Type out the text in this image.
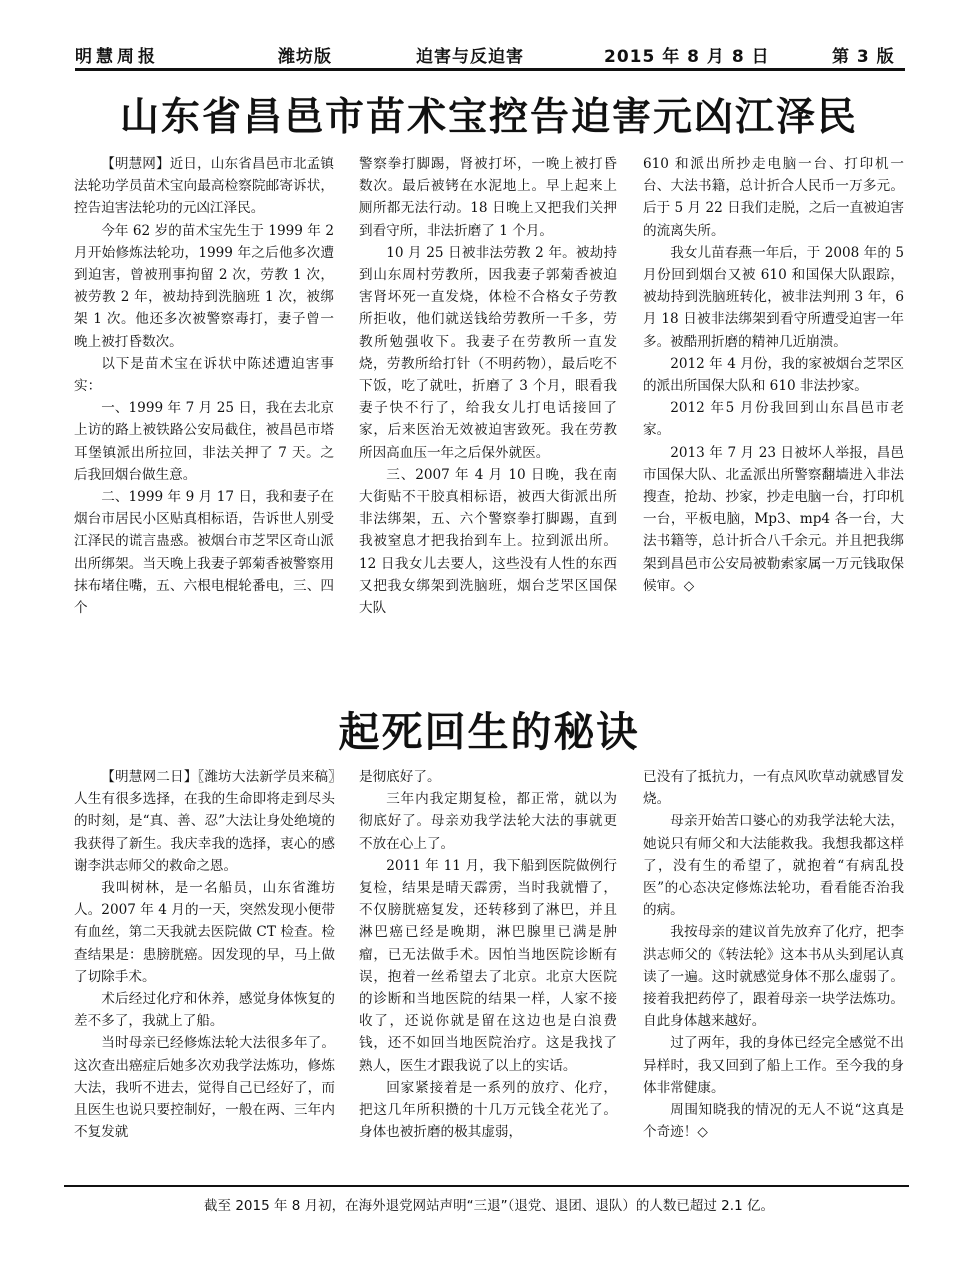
明慧周报	潍坊版	迫害与反迫害	2015 年 8 月 8 日	第 3 版
山东省昌邑市苗术宝控告迫害元凶江泽民

【明慧网】近日，山东省昌邑市北孟镇法轮功学员苗术宝向最高检察院邮寄诉状，控告迫害法轮功的元凶江泽民。

今年 62 岁的苗术宝先生于 1999 年 2 月开始修炼法轮功，1999 年之后他多次遭到迫害，曾被刑事拘留 2 次，劳教 1 次，被劳教 2 年，被劫持到洗脑班 1 次，被绑架 1 次。他还多次被警察毒打，妻子曾一晚上被打昏数次。

以下是苗术宝在诉状中陈述遭迫害事实：

一、1999 年 7 月 25 日，我在去北京上访的路上被铁路公安局截住，被昌邑市塔耳堡镇派出所拉回，非法关押了 7 天。之后我回烟台做生意。

二、1999 年 9 月 17 日，我和妻子在烟台市居民小区贴真相标语，告诉世人别受江泽民的谎言蛊惑。被烟台市芝罘区奇山派出所绑架。当天晚上我妻子郭菊香被警察用抹布堵住嘴，五、六根电棍轮番电，三、四个

警察拳打脚踢，肾被打坏，一晚上被打昏数次。最后被铐在水泥地上。早上起来上厕所都无法行动。18 日晚上又把我们关押到看守所，非法折磨了 1 个月。

10 月 25 日被非法劳教 2 年。被劫持到山东周村劳教所，因我妻子郭菊香被迫害肾坏死一直发烧，体检不合格女子劳教所拒收，他们就送钱给劳教所一千多，劳教所勉强收下。我妻子在劳教所一直发烧，劳教所给打针（不明药物），最后吃不下饭，吃了就吐，折磨了 3 个月，眼看我妻子快不行了，给我女儿打电话接回了家，后来医治无效被迫害致死。我在劳教所因高血压一年之后保外就医。

三、2007 年 4 月 10 日晚，我在南大街贴不干胶真相标语，被西大街派出所非法绑架，五、六个警察拳打脚踢，直到我被窒息才把我抬到车上。拉到派出所。12 日我女儿去要人，这些没有人性的东西又把我女绑架到洗脑班，烟台芝罘区国保大队

610 和派出所抄走电脑一台、打印机一台、大法书籍，总计折合人民币一万多元。后于 5 月 22 日我们走脱，之后一直被迫害的流离失所。

我女儿苗春燕一年后，于 2008 年的 5 月份回到烟台又被 610 和国保大队跟踪，被劫持到洗脑班转化，被非法判刑 3 年，6 月 18 日被非法绑架到看守所遭受迫害一年多。被酷刑折磨的精神几近崩溃。

2012 年 4 月份，我的家被烟台芝罘区的派出所国保大队和 610 非法抄家。

2012 年5 月份我回到山东昌邑市老家。

2013 年 7 月 23 日被坏人举报，昌邑市国保大队、北孟派出所警察翻墙进入非法搜查，抢劫、抄家，抄走电脑一台，打印机一台，平板电脑，Mp3、mp4 各一台，大法书籍等，总计折合八千余元。并且把我绑架到昌邑市公安局被勒索家属一万元钱取保候审。◇

起死回生的秘诀

【明慧网二日】〖潍坊大法新学员来稿〗人生有很多选择，在我的生命即将走到尽头的时刻，是“真、善、忍”大法让身处绝境的我获得了新生。我庆幸我的选择，衷心的感谢李洪志师父的救命之恩。

我叫树林，是一名船员，山东省潍坊人。2007 年 4 月的一天，突然发现小便带有血丝，第二天我就去医院做 CT 检查。检查结果是：患膀胱癌。因发现的早，马上做了切除手术。

术后经过化疗和休养，感觉身体恢复的差不多了，我就上了船。

当时母亲已经修炼法轮大法很多年了。这次查出癌症后她多次劝我学法炼功，修炼大法，我听不进去，觉得自己已经好了，而且医生也说只要控制好，一般在两、三年内不复发就

是彻底好了。

三年内我定期复检，都正常，就以为彻底好了。母亲劝我学法轮大法的事就更不放在心上了。

2011 年 11 月，我下船到医院做例行复检，结果是晴天霹雳，当时我就懵了，不仅膀胱癌复发，还转移到了淋巴，并且淋巴癌已经是晚期，淋巴腺里已满是肿瘤，已无法做手术。因怕当地医院诊断有误，抱着一丝希望去了北京。北京大医院的诊断和当地医院的结果一样，人家不接收了，还说你就是留在这边也是白浪费钱，还不如回当地医院治疗。这是我找了熟人，医生才跟我说了以上的实话。

回家紧接着是一系列的放疗、化疗，把这几年所积攒的十几万元钱全花光了。身体也被折磨的极其虚弱，

已没有了抵抗力，一有点风吹草动就感冒发烧。

母亲开始苦口婆心的劝我学法轮大法，她说只有师父和大法能救我。我想我都这样了，没有生的希望了，就抱着“有病乱投医”的心态决定修炼法轮功，看看能否治我的病。

我按母亲的建议首先放弃了化疗，把李洪志师父的《转法轮》这本书从头到尾认真读了一遍。这时就感觉身体不那么虚弱了。接着我把药停了，跟着母亲一块学法炼功。自此身体越来越好。

过了两年，我的身体已经完全感觉不出异样时，我又回到了船上工作。至今我的身体非常健康。

周围知晓我的情况的无人不说“这真是个奇迹！◇

截至 2015 年 8 月初，在海外退党网站声明“三退”（退党、退团、退队）的人数已超过 2.1 亿。
